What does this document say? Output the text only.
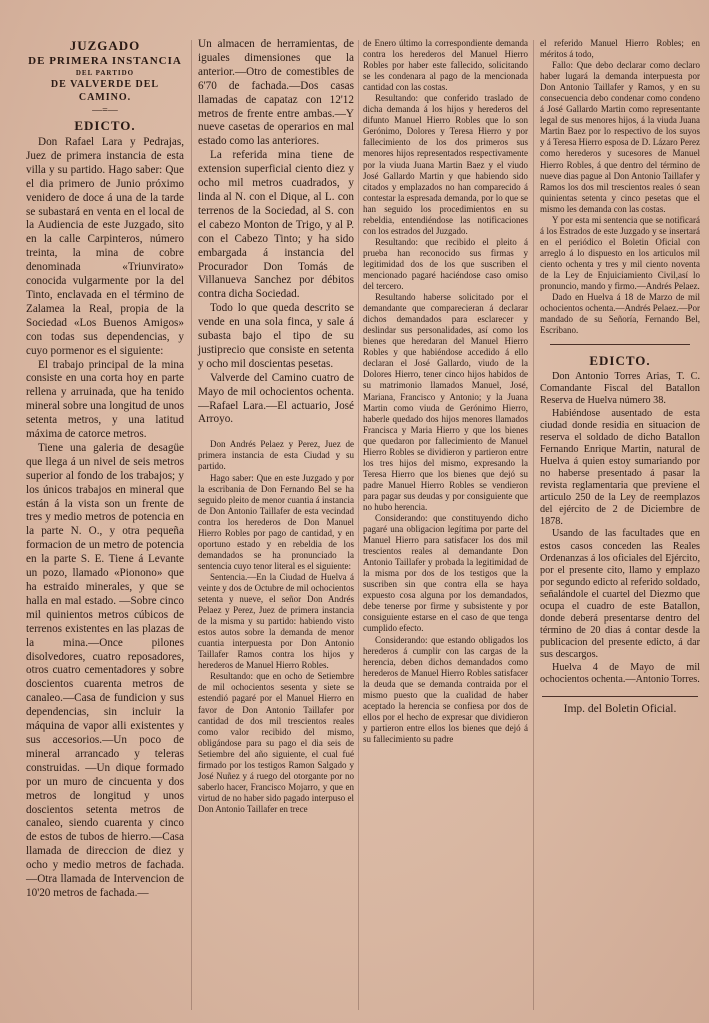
JUZGADO
DE PRIMERA INSTANCIA
DEL PARTIDO
DE VALVERDE DEL CAMINO.
—=—
EDICTO.

Don Rafael Lara y Pedrajas, Juez de primera instancia de esta villa y su partido. Hago saber: Que el dia primero de Junio próximo venidero de doce á una de la tarde se subastará en venta en el local de la Audiencia de este Juzgado, sito en la calle Carpinteros, número treinta, la mina de cobre denominada «Triunvirato» conocida vulgarmente por la del Tinto, enclavada en el término de Zalamea la Real, propia de la Sociedad «Los Buenos Amigos» con todas sus dependencias, y cuyo pormenor es el siguiente:

El trabajo principal de la mina consiste en una corta hoy en parte rellena y arruinada, que ha tenido mineral sobre una longitud de unos setenta metros, y una latitud máxima de catorce metros.

Tiene una galeria de desagüe que llega á un nivel de seis metros superior al fondo de los trabajos; y los únicos trabajos en mineral que están á la vista son un frente de tres y medio metros de potencia en la parte N. O., y otra pequeña formacion de un metro de potencia en la parte S. E. Tiene á Levante un pozo, llamado «Pionono» que ha estraido minerales, y que se halla en mal estado. —Sobre cinco mil quinientos metros cúbicos de terrenos existentes en las plazas de la mina.—Once pilones disolvedores, cuatro reposadores, otros cuatro cementadores y sobre doscientos cuarenta metros de canaleo.—Casa de fundicion y sus dependencias, sin incluir la máquina de vapor alli existentes y sus accesorios.—Un poco de mineral arrancado y teleras construidas. —Un dique formado por un muro de cincuenta y dos metros de longitud y unos doscientos setenta metros de canaleo, siendo cuarenta y cinco de estos de tubos de hierro.—Casa llamada de direccion de diez y ocho y medio metros de fachada.—Otra llamada de Intervencion de 10'20 metros de fachada.—

Un almacen de herramientas, de iguales dimensiones que la anterior.—Otro de comestibles de 6'70 de fachada.—Dos casas llamadas de capataz con 12'12 metros de frente entre ambas.—Y nueve casetas de operarios en mal estado como las anteriores.

La referida mina tiene de extension superficial ciento diez y ocho mil metros cuadrados, y linda al N. con el Dique, al L. con terrenos de la Sociedad, al S. con el cabezo Monton de Trigo, y al P. con el Cabezo Tinto; y ha sido embargada á instancia del Procurador Don Tomás de Villanueva Sanchez por débitos contra dicha Sociedad.

Todo lo que queda descrito se vende en una sola finca, y sale á subasta bajo el tipo de su justiprecio que consiste en setenta y ocho mil doscientas pesetas.

Valverde del Camino cuatro de Mayo de mil ochocientos ochenta.—Rafael Lara.—El actuario, José Arroyo.

Don Andrés Pelaez y Perez, Juez de primera instancia de esta Ciudad y su partido.

Hago saber: Que en este Juzgado y por la escribania de Don Fernando Bel se ha seguido pleito de menor cuantia á instancia de Don Antonio Taillafer de esta vecindad contra los herederos de Don Manuel Hierro Robles por pago de cantidad, y en oportuno estado y en rebeldia de los demandados se ha pronunciado la sentencia cuyo tenor literal es el siguiente:

Sentencia.—En la Ciudad de Huelva á veinte y dos de Octubre de mil ochocientos setenta y nueve, el señor Don Andrés Pelaez y Perez, Juez de primera instancia de la misma y su partido: habiendo visto estos autos sobre la demanda de menor cuantia interpuesta por Don Antonio Taillafer Ramos contra los hijos y herederos de Manuel Hierro Robles.

Resultando: que en ocho de Setiembre de mil ochocientos sesenta y siete se estendió pagaré por el Manuel Hierro en favor de Don Antonio Taillafer por cantidad de dos mil trescientos reales como valor recibido del mismo, obligándose para su pago el dia seis de Setiembre del año siguiente, el cual fué firmado por los testigos Ramon Salgado y José Nuñez y á ruego del otorgante por no saberlo hacer, Francisco Mojarro, y que en virtud de no haber sido pagado interpuso el Don Antonio Taillafer en trece

de Enero último la correspondiente demanda contra los herederos del Manuel Hierro Robles por haber este fallecido, solicitando se les condenara al pago de la mencionada cantidad con las costas.

Resultando: que conferido traslado de dicha demanda á los hijos y herederos del difunto Manuel Hierro Robles que lo son Gerónimo, Dolores y Teresa Hierro y por fallecimiento de los dos primeros sus menores hijos representados respectivamente por la viuda Juana Martin Baez y el viudo José Gallardo Martin y que habiendo sido citados y emplazados no han comparecido á contestar la espresada demanda, por lo que se han seguido los procedimientos en su rebeldia, entendiéndose las notificaciones con los estrados del Juzgado.

Resultando: que recibido el pleito á prueba han reconocido sus firmas y legitimidad dos de los que suscriben el mencionado pagaré haciéndose caso omiso del tercero.

Resultando haberse solicitado por el demandante que comparecieran á declarar dichos demandados para esclarecer y deslindar sus personalidades, así como los bienes que heredaran del Manuel Hierro Robles y que habiéndose accedido á ello declaran el José Gallardo, viudo de la Dolores Hierro, tener cinco hijos habidos de su matrimonio llamados Manuel, José, Mariana, Francisco y Antonio; y la Juana Martin como viuda de Gerónimo Hierro, haberle quedado dos hijos menores llamados Francisca y Maria Hierro y que los bienes que quedaron por fallecimiento de Manuel Hierro Robles se dividieron y partieron entre los tres hijos del mismo, expresando la Teresa Hierro que los bienes que dejó su padre Manuel Hierro Robles se vendieron para pagar sus deudas y por consiguiente que no hubo herencia.

Considerando: que constituyendo dicho pagaré una obligacion legítima por parte del Manuel Hierro para satisfacer los dos mil trescientos reales al demandante Don Antonio Taillafer y probada la legitimidad de la misma por dos de los testigos que la suscriben sin que contra ella se haya expuesto cosa alguna por los demandados, debe tenerse por firme y subsistente y por consiguiente estarse en el caso de que tenga cumplido efecto.

Considerando: que estando obligados los herederos á cumplir con las cargas de la herencia, deben dichos demandados como herederos de Manuel Hierro Robles satisfacer la deuda que se demanda contraida por el mismo puesto que la cualidad de haber aceptado la herencia se confiesa por dos de ellos por el hecho de expresar que dividieron y partieron entre ellos los bienes que dejó á su fallecimiento su padre

el referido Manuel Hierro Robles; en méritos á todo,

Fallo: Que debo declarar como declaro haber lugará la demanda interpuesta por Don Antonio Taillafer y Ramos, y en su consecuencia debo condenar como condeno á José Gallardo Martin como representante legal de sus menores hijos, á la viuda Juana Martin Baez por lo respectivo de los suyos y á Teresa Hierro esposa de D. Lázaro Perez como herederos y sucesores de Manuel Hierro Robles, á que dentro del término de nueve dias pague al Don Antonio Taillafer y Ramos los dos mil trescientos reales ó sean quinientas setenta y cinco pesetas que el mismo les demanda con las costas.

Y por esta mi sentencia que se notificará á los Estrados de este Juzgado y se insertará en el periódico el Boletin Oficial con arreglo á lo dispuesto en los articulos mil ciento ochenta y tres y mil ciento noventa de la Ley de Enjuiciamiento Civil,así lo pronuncio, mando y firmo.—Andrés Pelaez.

Dado en Huelva á 18 de Marzo de mil ochocientos ochenta.—Andrés Pelaez.—Por mandado de su Señoría, Fernando Bel, Escribano.

EDICTO.

Don Antonio Torres Arias, T. C. Comandante Fiscal del Batallon Reserva de Huelva número 38.

Habiéndose ausentado de esta ciudad donde residia en situacion de reserva el soldado de dicho Batallon Fernando Enrique Martin, natural de Huelva á quien estoy sumariando por no haberse presentado á pasar la revista reglamentaria que previene el articulo 250 de la Ley de reemplazos del ejército de 2 de Diciembre de 1878.

Usando de las facultades que en estos casos conceden las Reales Ordenanzas á los oficiales del Ejército, por el presente cito, llamo y emplazo por segundo edicto al referido soldado, señalándole el cuartel del Diezmo que ocupa el cuadro de este Batallon, donde deberá presentarse dentro del término de 20 dias á contar desde la publicacion del presente edicto, á dar sus descargos.

Huelva 4 de Mayo de mil ochocientos ochenta.—Antonio Torres.

Imp. del Boletin Oficial.
